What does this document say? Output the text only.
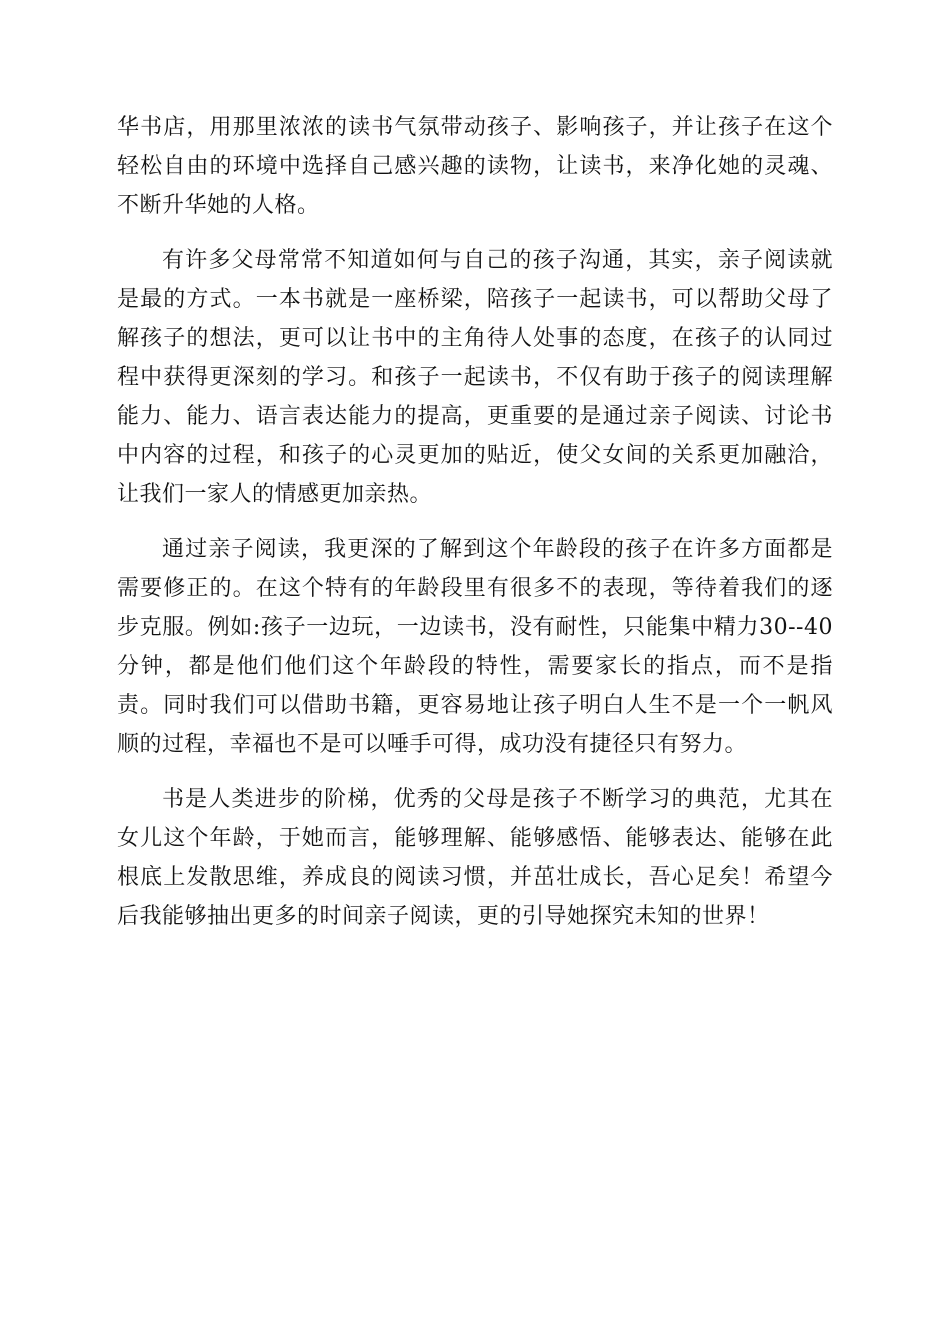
华书店，用那里浓浓的读书气氛带动孩子、影响孩子，并让孩子在这个轻松自由的环境中选择自己感兴趣的读物，让读书，来净化她的灵魂、不断升华她的人格。

有许多父母常常不知道如何与自己的孩子沟通，其实，亲子阅读就是最的方式。一本书就是一座桥梁，陪孩子一起读书，可以帮助父母了解孩子的想法，更可以让书中的主角待人处事的态度，在孩子的认同过程中获得更深刻的学习。和孩子一起读书，不仅有助于孩子的阅读理解能力、能力、语言表达能力的提高，更重要的是通过亲子阅读、讨论书中内容的过程，和孩子的心灵更加的贴近，使父女间的关系更加融洽，让我们一家人的情感更加亲热。

通过亲子阅读，我更深的了解到这个年龄段的孩子在许多方面都是需要修正的。在这个特有的年龄段里有很多不的表现，等待着我们的逐步克服。例如:孩子一边玩，一边读书，没有耐性，只能集中精力30--40分钟，都是他们他们这个年龄段的特性，需要家长的指点，而不是指责。同时我们可以借助书籍，更容易地让孩子明白人生不是一个一帆风顺的过程，幸福也不是可以唾手可得，成功没有捷径只有努力。

书是人类进步的阶梯，优秀的父母是孩子不断学习的典范，尤其在女儿这个年龄，于她而言，能够理解、能够感悟、能够表达、能够在此根底上发散思维，养成良的阅读习惯，并茁壮成长，吾心足矣！希望今后我能够抽出更多的时间亲子阅读，更的引导她探究未知的世界！
